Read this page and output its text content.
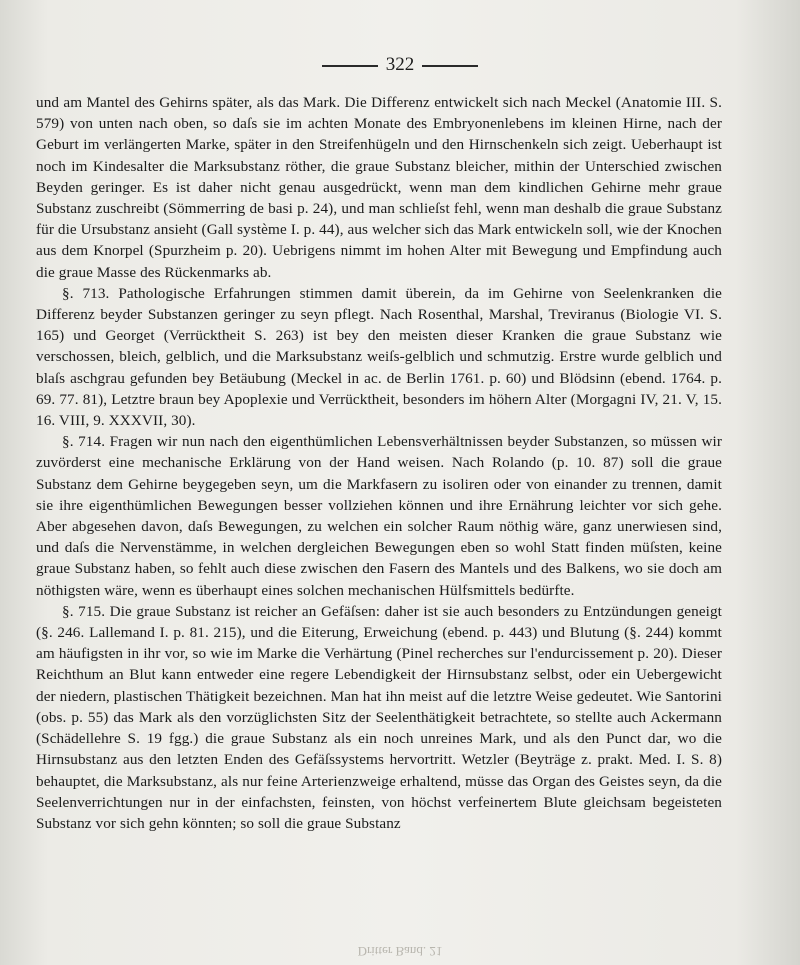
322

und am Mantel des Gehirns später, als das Mark. Die Differenz entwickelt sich nach Meckel (Anatomie III. S. 579) von unten nach oben, so daſs sie im achten Monate des Embryonenlebens im kleinen Hirne, nach der Geburt im verlängerten Marke, später in den Streifenhügeln und den Hirnschenkeln sich zeigt. Ueberhaupt ist noch im Kindesalter die Marksubstanz röther, die graue Substanz bleicher, mithin der Unterschied zwischen Beyden geringer. Es ist daher nicht genau ausgedrückt, wenn man dem kindlichen Gehirne mehr graue Substanz zuschreibt (Sömmerring de basi p. 24), und man schlieſst fehl, wenn man deshalb die graue Substanz für die Ursubstanz ansieht (Gall système I. p. 44), aus welcher sich das Mark entwickeln soll, wie der Knochen aus dem Knorpel (Spurzheim p. 20). Uebrigens nimmt im hohen Alter mit Bewegung und Empfindung auch die graue Masse des Rückenmarks ab.

§. 713. Pathologische Erfahrungen stimmen damit überein, da im Gehirne von Seelenkranken die Differenz beyder Substanzen geringer zu seyn pflegt. Nach Rosenthal, Marshal, Treviranus (Biologie VI. S. 165) und Georget (Verrücktheit S. 263) ist bey den meisten dieser Kranken die graue Substanz wie verschossen, bleich, gelblich, und die Marksubstanz weiſs-gelblich und schmutzig. Erstre wurde gelblich und blaſs aschgrau gefunden bey Betäubung (Meckel in ac. de Berlin 1761. p. 60) und Blödsinn (ebend. 1764. p. 69. 77. 81), Letztre braun bey Apoplexie und Verrücktheit, besonders im höhern Alter (Morgagni IV, 21. V, 15. 16. VIII, 9. XXXVII, 30).

§. 714. Fragen wir nun nach den eigenthümlichen Lebensverhältnissen beyder Substanzen, so müssen wir zuvörderst eine mechanische Erklärung von der Hand weisen. Nach Rolando (p. 10. 87) soll die graue Substanz dem Gehirne beygegeben seyn, um die Markfasern zu isoliren oder von einander zu trennen, damit sie ihre eigenthümlichen Bewegungen besser vollziehen können und ihre Ernährung leichter vor sich gehe. Aber abgesehen davon, daſs Bewegungen, zu welchen ein solcher Raum nöthig wäre, ganz unerwiesen sind, und daſs die Nervenstämme, in welchen dergleichen Bewegungen eben so wohl Statt finden müſsten, keine graue Substanz haben, so fehlt auch diese zwischen den Fasern des Mantels und des Balkens, wo sie doch am nöthigsten wäre, wenn es überhaupt eines solchen mechanischen Hülfsmittels bedürfte.

§. 715. Die graue Substanz ist reicher an Gefäſsen: daher ist sie auch besonders zu Entzündungen geneigt (§. 246. Lallemand I. p. 81. 215), und die Eiterung, Erweichung (ebend. p. 443) und Blutung (§. 244) kommt am häufigsten in ihr vor, so wie im Marke die Verhärtung (Pinel recherches sur l'endurcissement p. 20). Dieser Reichthum an Blut kann entweder eine regere Lebendigkeit der Hirnsubstanz selbst, oder ein Uebergewicht der niedern, plastischen Thätigkeit bezeichnen. Man hat ihn meist auf die letztre Weise gedeutet. Wie Santorini (obs. p. 55) das Mark als den vorzüglichsten Sitz der Seelenthätigkeit betrachtete, so stellte auch Ackermann (Schädellehre S. 19 fgg.) die graue Substanz als ein noch unreines Mark, und als den Punct dar, wo die Hirnsubstanz aus den letzten Enden des Gefäſssystems hervortritt. Wetzler (Beyträge z. prakt. Med. I. S. 8) behauptet, die Marksubstanz, als nur feine Arterienzweige erhaltend, müsse das Organ des Geistes seyn, da die Seelenverrichtungen nur in der einfachsten, feinsten, von höchst verfeinertem Blute gleichsam begeisteten Substanz vor sich gehn könnten; so soll die graue Substanz

Dritter Band. 21
